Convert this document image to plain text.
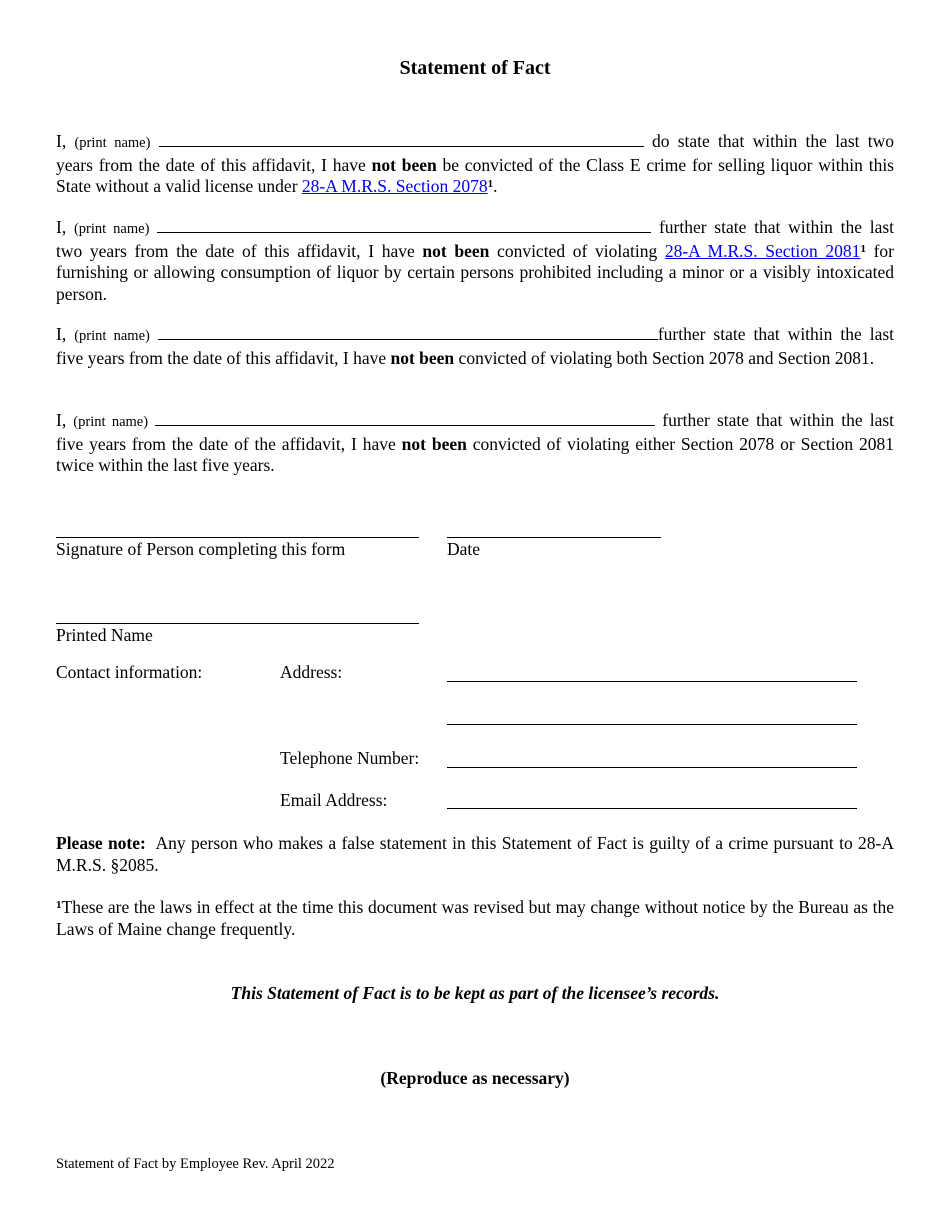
Statement of Fact

I, (print name)	do state that within the last two years from the date of this affidavit, I have not been be convicted of the Class E crime for selling liquor within this State without a valid license under 28-A M.R.S. Section 2078$^1$.

I, (print name)	further state that within the last two years from the date of this affidavit, I have not been convicted of violating 28-A M.R.S. Section 2081$^1$ for furnishing or allowing consumption of liquor by certain persons prohibited including a minor or a visibly intoxicated person.

I, (print name)	further state that within the last five years from the date of this affidavit, I have not been convicted of violating both Section 2078 and Section 2081.

I, (print name)	further state that within the last five years from the date of the affidavit, I have not been convicted of violating either Section 2078 or Section 2081 twice within the last five years.

Signature of Person completing this form	Date

Printed Name

Contact information:	Address:

Telephone Number:

Email Address:

Please note:  Any person who makes a false statement in this Statement of Fact is guilty of a crime pursuant to 28-A M.R.S. §2085.

$^1$These are the laws in effect at the time this document was revised but may change without notice by the Bureau as the Laws of Maine change frequently.

This Statement of Fact is to be kept as part of the licensee’s records.

(Reproduce as necessary)

Statement of Fact by Employee Rev. April 2022
